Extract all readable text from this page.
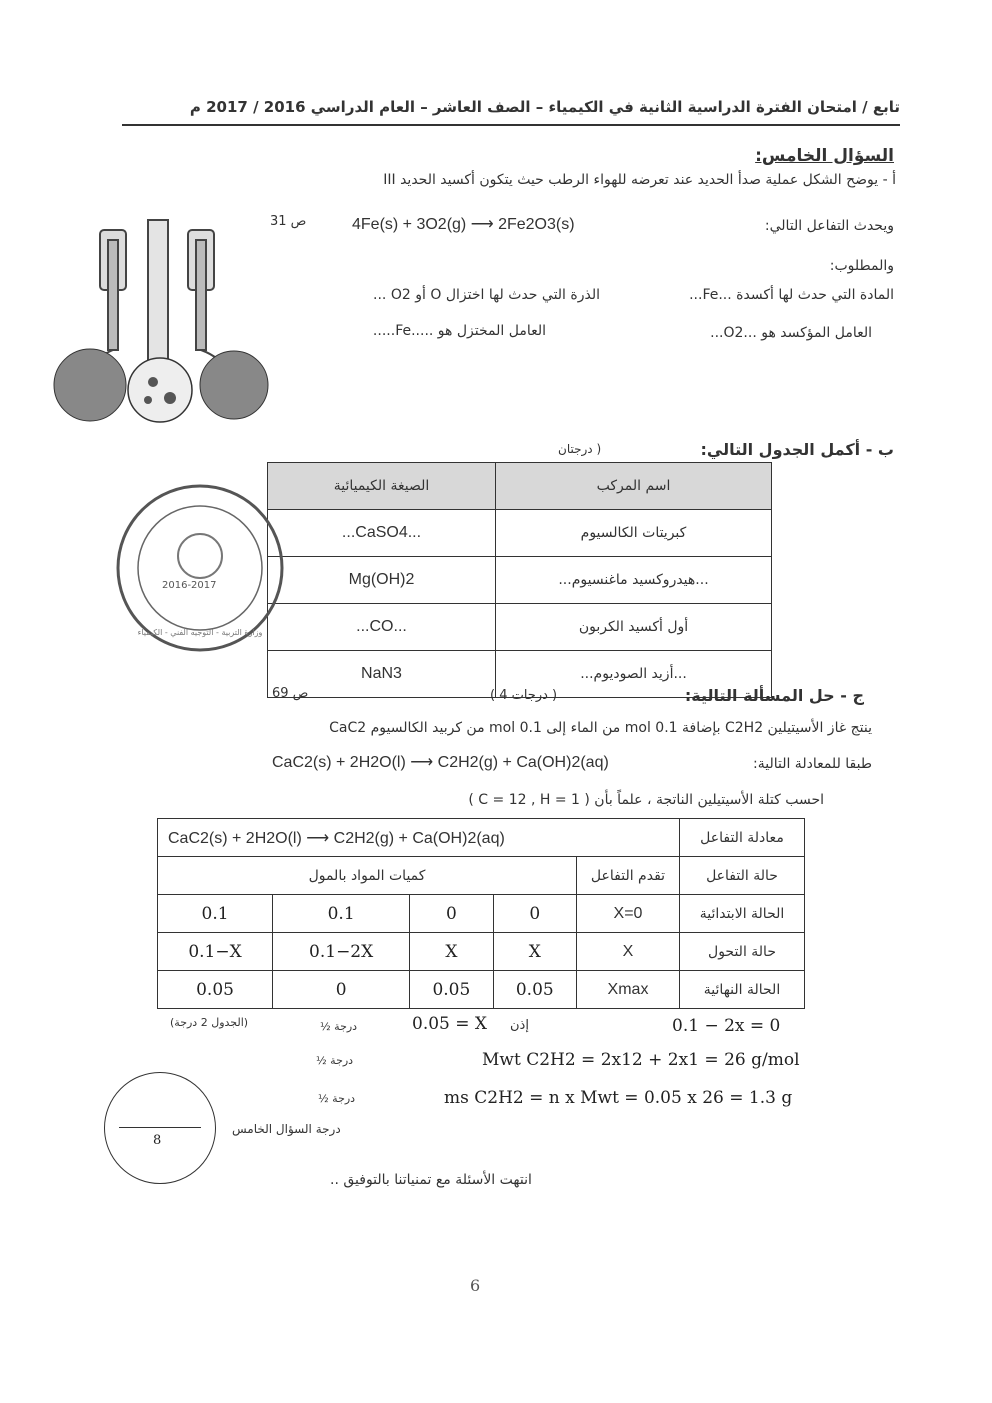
تابع / امتحان الفترة الدراسية الثانية في الكيمياء – الصف العاشر – العام الدراسي 2016 / 2017 م
السؤال الخامس:
أ - يوضح الشكل عملية صدأ الحديد عند تعرضه للهواء الرطب حيث يتكون أكسيد الحديد III
ويحدث التفاعل التالي:
4Fe(s) + 3O2(g) ⟶ 2Fe2O3(s)
ص 31
والمطلوب:
المادة التي حدث لها أكسدة ...Fe...
الذرة التي حدث لها اختزال O أو O2 ...
العامل المؤكسد هو ...O2...
العامل المختزل هو .....Fe.....
ب - أكمل الجدول التالي:
درجتان )
الصيغة الكيميائية	اسم المركب
...CaSO4...	كبريتات الكالسيوم
Mg(OH)2	...هيدروكسيد ماغنسيوم...
...CO...	أول أكسيد الكربون
NaN3	...أزيد الصوديوم...
2016-2017
وزارة التربية - التوجيه الفني - الكيمياء
ص 69	ج - حل المسألة التالية:
( 4 درجات )
ينتج غاز الأسيتيلين C2H2 بإضافة 0.1 mol من الماء إلى 0.1 mol من كربيد الكالسيوم CaC2
طبقا للمعادلة التالية:
CaC2(s) + 2H2O(l) ⟶ C2H2(g) + Ca(OH)2(aq)
احسب كتلة الأسيتيلين الناتجة ، علماً بأن ( C = 12 , H = 1 )
CaC2(s) + 2H2O(l) ⟶ C2H2(g) + Ca(OH)2(aq)					معادلة التفاعل
كميات المواد بالمول				تقدم التفاعل	حالة التفاعل
0.1	0.1	0	0	X=0	الحالة الابتدائية
0.1−X	0.1−2X	X	X	X	حالة التحول
0.05	0	0.05	0.05	Xmax	الحالة النهائية
0.1 − 2x = 0
إذن
0.05 = X
½ درجة
(الجدول 2 درجة)
Mwt C2H2 = 2x12 + 2x1 = 26 g/mol
½ درجة
ms C2H2 = n x Mwt = 0.05 x 26 = 1.3 g
½ درجة
8
درجة السؤال الخامس
انتهت الأسئلة مع تمنياتنا بالتوفيق ..
6
